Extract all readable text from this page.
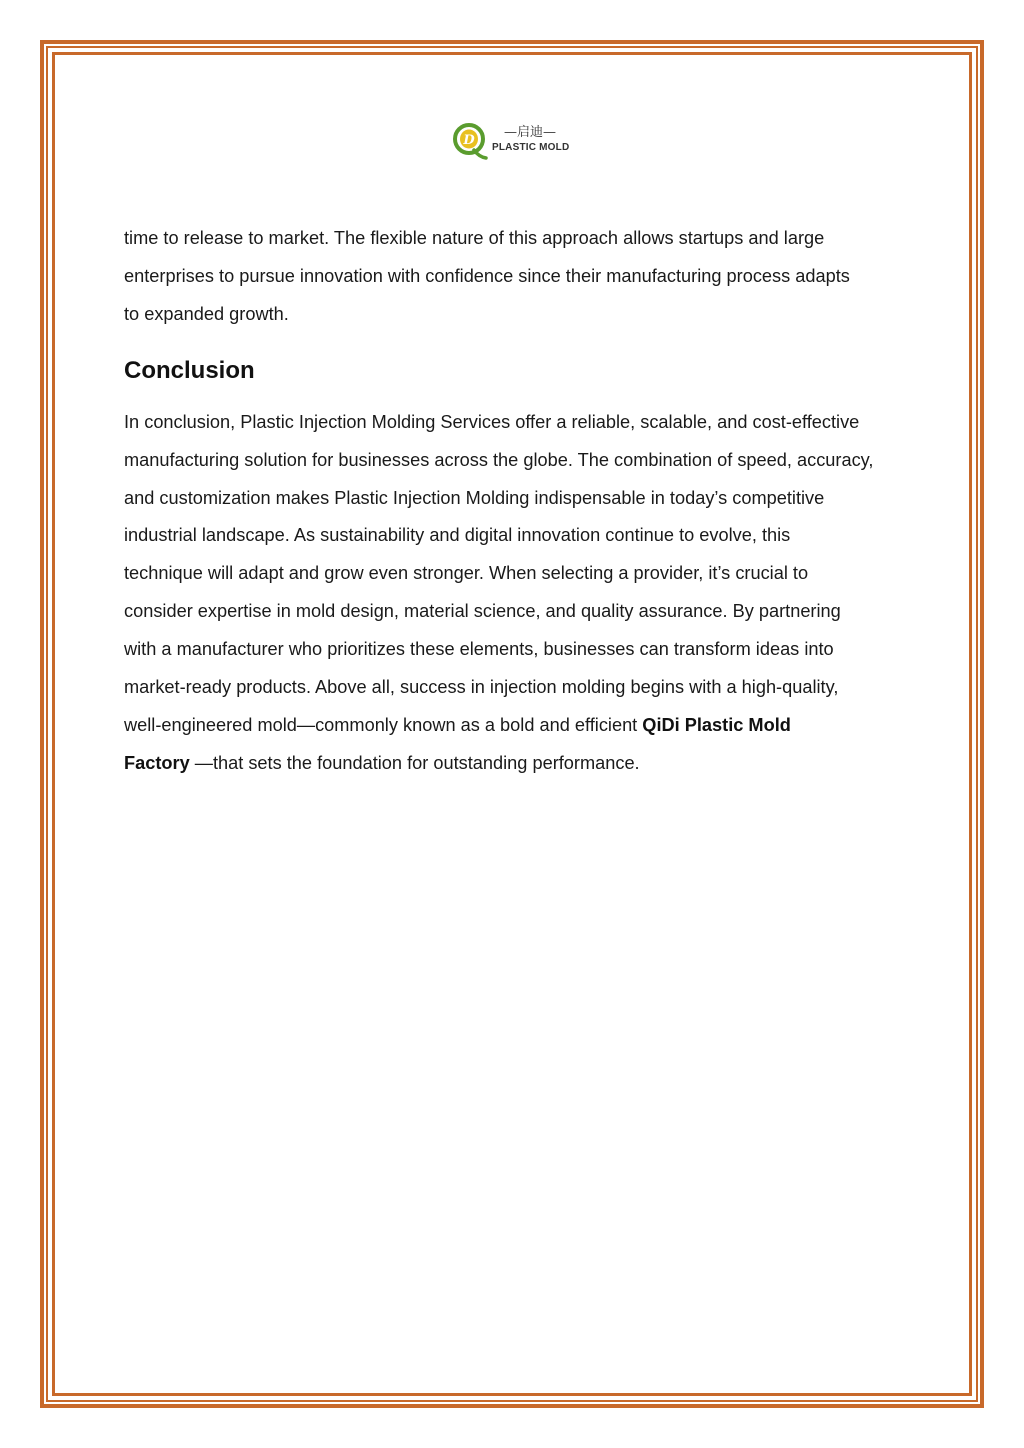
D
—启迪—
PLASTIC MOLD

time to release to market. The flexible nature of this approach allows startups and large
enterprises to pursue innovation with confidence since their manufacturing process adapts
to expanded growth.

Conclusion

In conclusion, Plastic Injection Molding Services offer a reliable, scalable, and cost-effective
manufacturing solution for businesses across the globe. The combination of speed, accuracy,
and customization makes Plastic Injection Molding indispensable in today’s competitive
industrial landscape. As sustainability and digital innovation continue to evolve, this
technique will adapt and grow even stronger. When selecting a provider, it’s crucial to
consider expertise in mold design, material science, and quality assurance. By partnering
with a manufacturer who prioritizes these elements, businesses can transform ideas into
market-ready products. Above all, success in injection molding begins with a high-quality,
well-engineered mold—commonly known as a bold and efficient QiDi Plastic Mold
Factory —that sets the foundation for outstanding performance.
